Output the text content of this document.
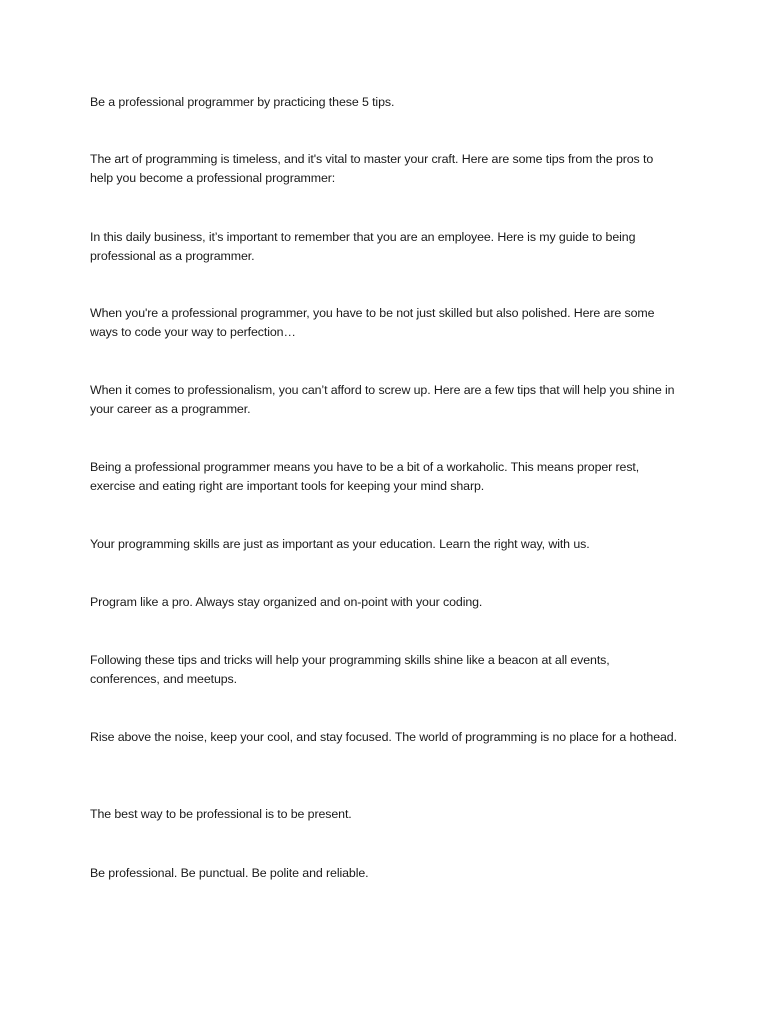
Be a professional programmer by practicing these 5 tips.

The art of programming is timeless, and it's vital to master your craft. Here are some tips from the pros to help you become a professional programmer:

In this daily business, it’s important to remember that you are an employee. Here is my guide to being professional as a programmer.

When you're a professional programmer, you have to be not just skilled but also polished. Here are some ways to code your way to perfection…

When it comes to professionalism, you can’t afford to screw up. Here are a few tips that will help you shine in your career as a programmer.

Being a professional programmer means you have to be a bit of a workaholic. This means proper rest, exercise and eating right are important tools for keeping your mind sharp.

Your programming skills are just as important as your education. Learn the right way, with us.

Program like a pro. Always stay organized and on-point with your coding.

Following these tips and tricks will help your programming skills shine like a beacon at all events, conferences, and meetups.

Rise above the noise, keep your cool, and stay focused. The world of programming is no place for a hothead.

The best way to be professional is to be present.

Be professional. Be punctual. Be polite and reliable.
